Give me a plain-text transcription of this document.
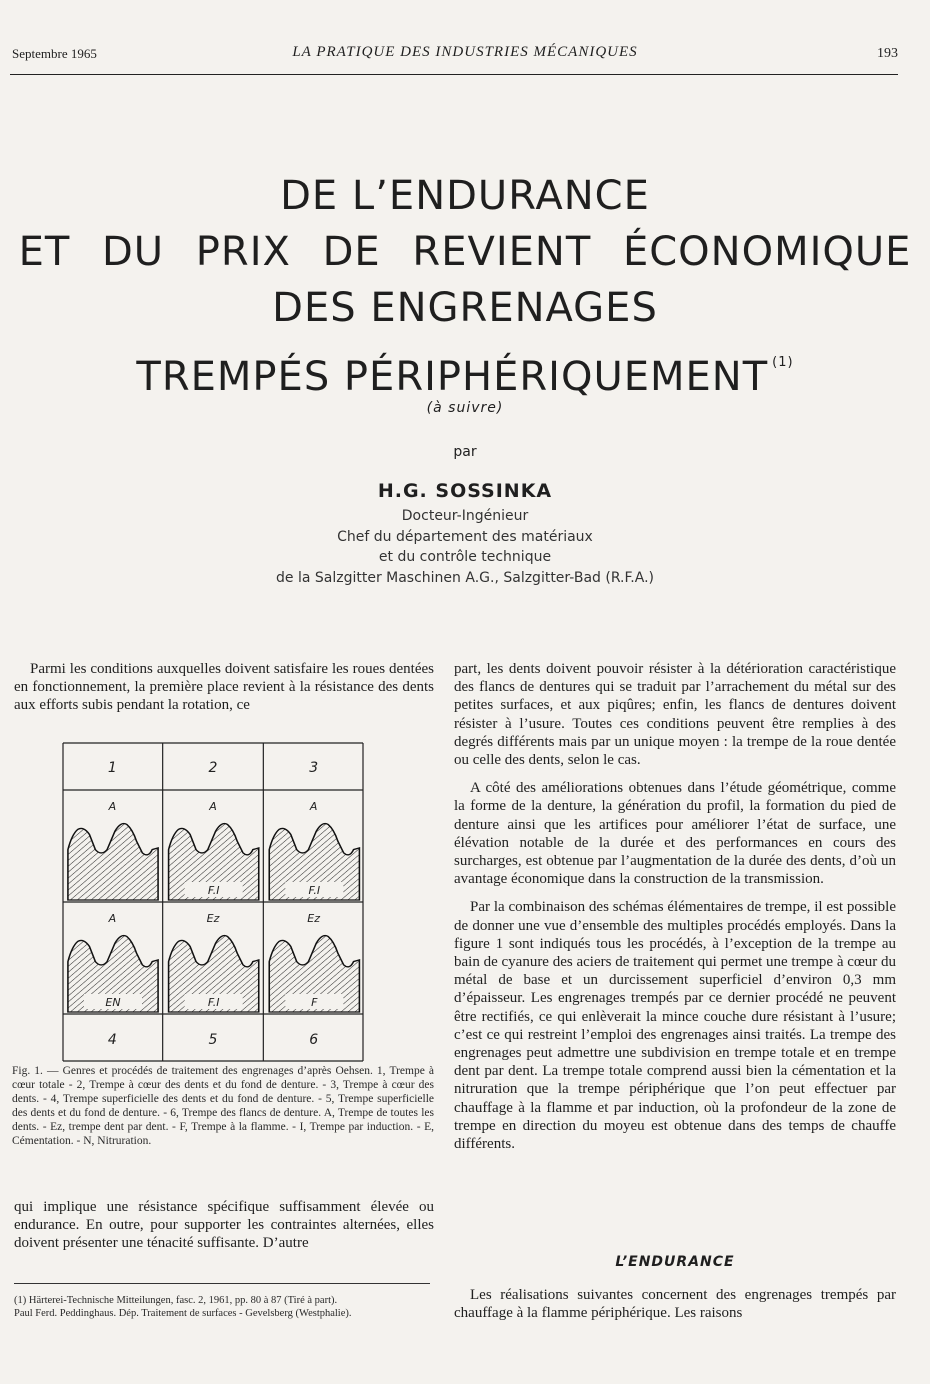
Septembre 1965	LA PRATIQUE DES INDUSTRIES MÉCANIQUES	193
DE L’ENDURANCE
ET DU PRIX DE REVIENT ÉCONOMIQUE
DES ENGRENAGES
TREMPÉS PÉRIPHÉRIQUEMENT $^{(1)}$
(à suivre)
par
H.G. SOSSINKA
Docteur-Ingénieur
Chef du département des matériaux
et du contrôle technique
de la Salzgitter Maschinen A.G., Salzgitter-Bad (R.F.A.)

Parmi les conditions auxquelles doivent satisfaire les roues dentées en fonctionnement, la première place revient à la résistance des dents aux efforts subis pendant la rotation, ce

1
A
2
A
F.I
3
A
F.I
4
A
EN
5
Ez
F.I
6
Ez
F
Fig. 1. — Genres et procédés de traitement des engrenages d’après Oehsen. 1, Trempe à cœur totale - 2, Trempe à cœur des dents et du fond de denture. - 3, Trempe à cœur des dents. - 4, Trempe superficielle des dents et du fond de denture. - 5, Trempe superficielle des dents et du fond de denture. - 6, Trempe des flancs de denture. A, Trempe de toutes les dents. - Ez, trempe dent par dent. - F, Trempe à la flamme. - I, Trempe par induction. - E, Cémentation. - N, Nitruration.

qui implique une résistance spécifique suffisamment élevée ou endurance. En outre, pour supporter les contraintes alternées, elles doivent présenter une ténacité suffisante. D’autre

part, les dents doivent pouvoir résister à la détérioration caractéristique des flancs de dentures qui se traduit par l’arrachement du métal sur des petites surfaces, et aux piqûres; enfin, les flancs de dentures doivent résister à l’usure. Toutes ces conditions peuvent être remplies à des degrés différents mais par un unique moyen : la trempe de la roue dentée ou celle des dents, selon le cas.

A côté des améliorations obtenues dans l’étude géométrique, comme la forme de la denture, la génération du profil, la formation du pied de denture ainsi que les artifices pour améliorer l’état de surface, une élévation notable de la durée et des performances en cours des surcharges, est obtenue par l’augmentation de la durée des dents, d’où un avantage économique dans la construction de la transmission.

Par la combinaison des schémas élémentaires de trempe, il est possible de donner une vue d’ensemble des multiples procédés employés. Dans la figure 1 sont indiqués tous les procédés, à l’exception de la trempe au bain de cyanure des aciers de traitement qui permet une trempe à cœur du métal de base et un durcissement superficiel d’environ 0,3 mm d’épaisseur. Les engrenages trempés par ce dernier procédé ne peuvent être rectifiés, ce qui enlèverait la mince couche dure résistant à l’usure; c’est ce qui restreint l’emploi des engrenages ainsi traités. La trempe des engrenages peut admettre une subdivision en trempe totale et en trempe dent par dent. La trempe totale comprend aussi bien la cémentation et la nitruration que la trempe périphérique que l’on peut effectuer par chauffage à la flamme et par induction, où la profondeur de la zone de trempe en direction du moyeu est obtenue dans des temps de chauffe différents.

L’ENDURANCE

Les réalisations suivantes concernent des engrenages trempés par chauffage à la flamme périphérique. Les raisons

(1) Härterei-Technische Mitteilungen, fasc. 2, 1961, pp. 80 à 87 (Tiré à part).
Paul Ferd. Peddinghaus. Dép. Traitement de surfaces - Gevelsberg (Westphalie).
